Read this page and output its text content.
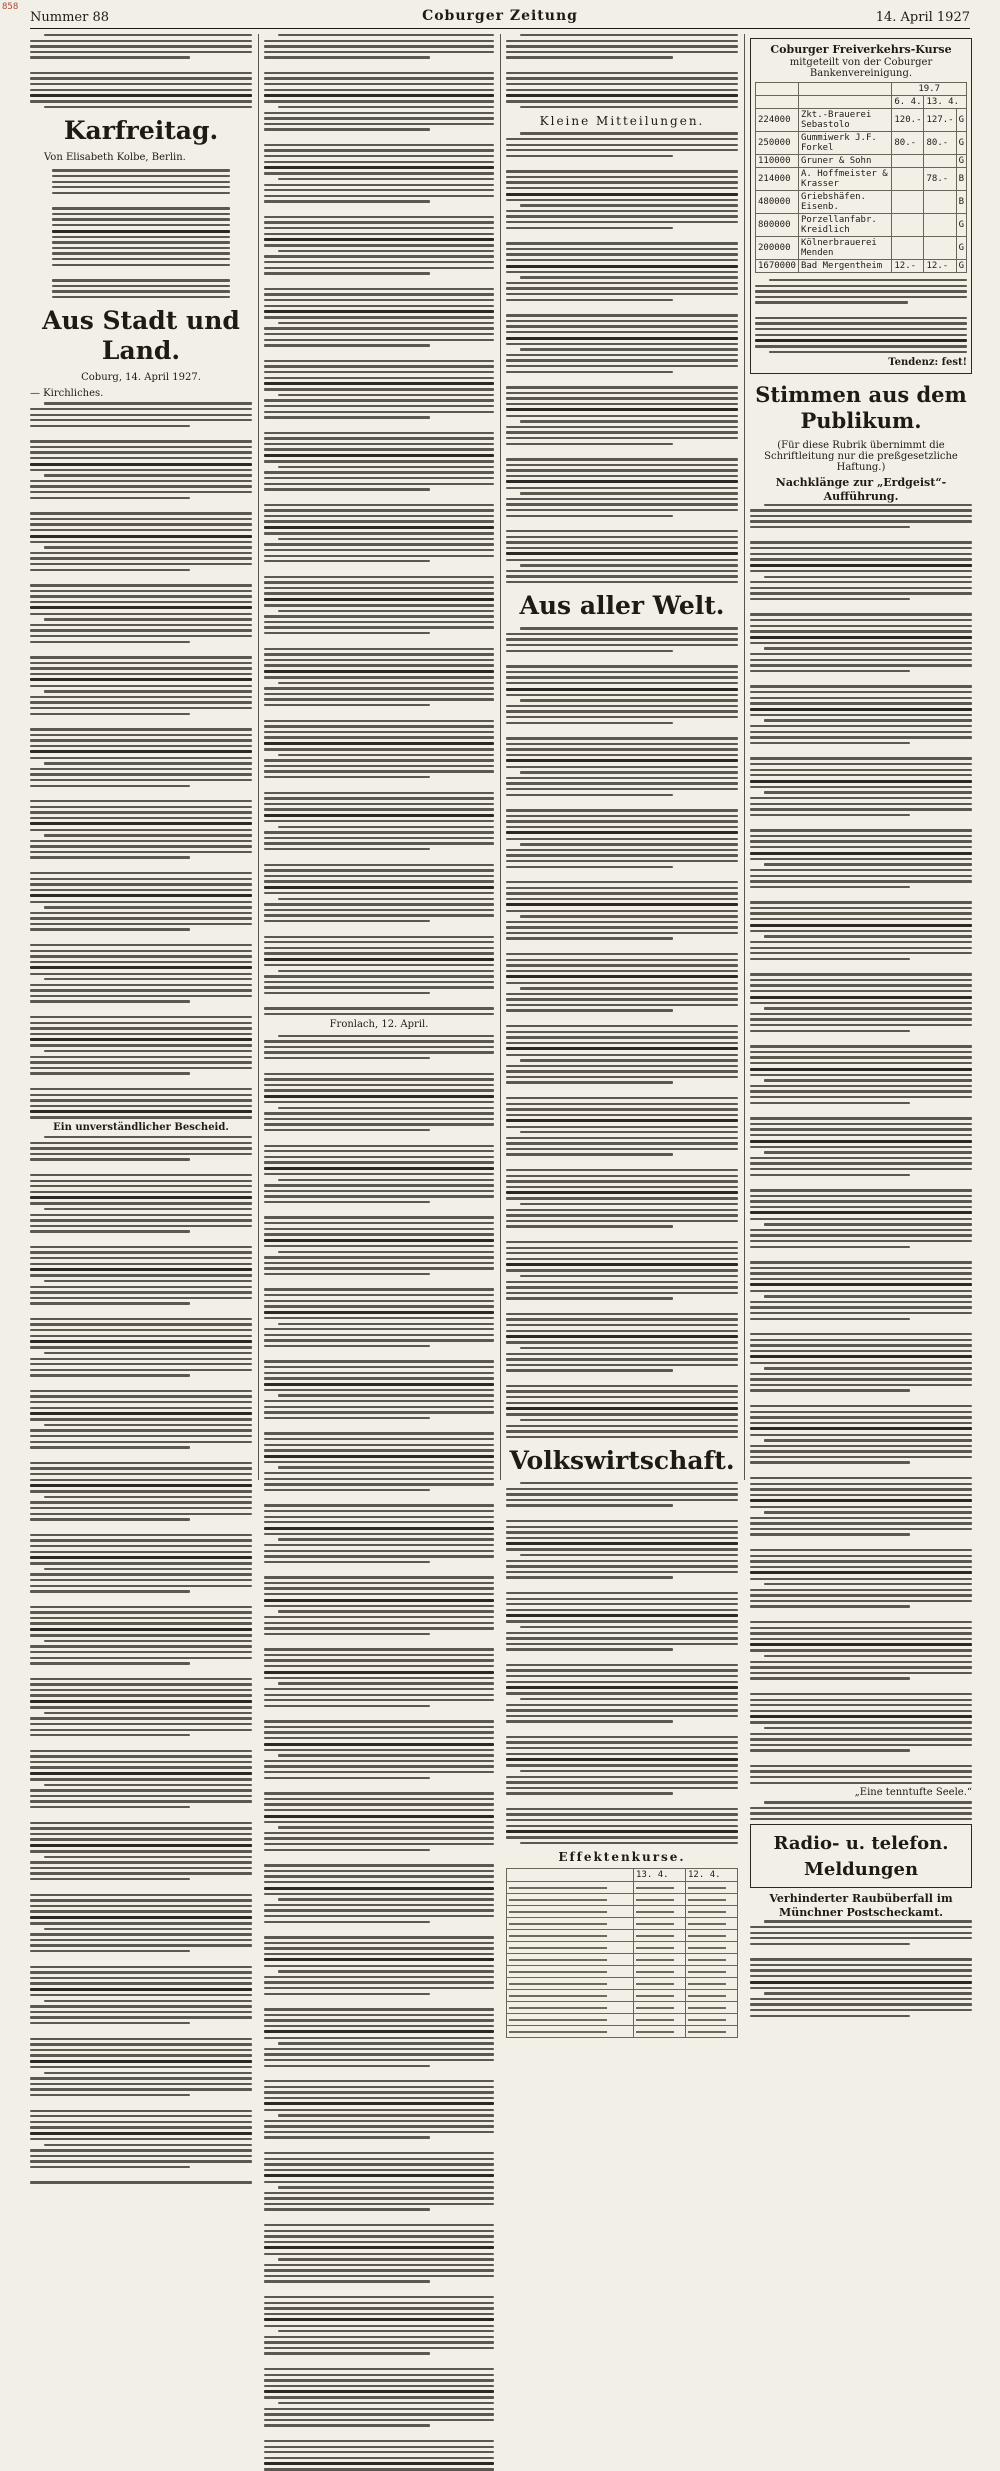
858
Nummer 88	Coburger Zeitung	14. April 1927
Karfreitag.
Von Elisabeth Kolbe, Berlin.
Aus Stadt und Land.
Coburg, 14. April 1927.
— Kirchliches.
Ein unverständlicher Bescheid.
Fronlach, 12. April.
Kleine Mitteilungen.
Aus aller Welt.
Volkswirtschaft.
Effektenkurse.
	13. 4.	12. 4.

Coburger Freiverkehrs-Kurse
mitgeteilt von der Coburger Bankenvereinigung.
		19.7		
		6. 4.	13. 4.	
224000	Zkt.-Brauerei Sebastolo	120.-	127.-	G
250000	Gummiwerk J.F. Forkel	80.-	80.-	G
110000	Gruner & Sohn			G
214000	A. Hoffmeister & Krasser		78.-	B
480000	Griebshäfen. Eisenb.			B
800000	Porzellanfabr. Kreidlich			G
200000	Kölnerbrauerei Menden			G
1670000	Bad Mergentheim	12.-	12.-	G
Tendenz: fest!
Stimmen aus dem Publikum.
(Für diese Rubrik übernimmt die Schriftleitung nur die preßgesetzliche Haftung.)
Nachklänge zur „Erdgeist“-Aufführung.
„Eine tenntufte Seele.“
Radio- u. telefon. Meldungen
Verhinderter Raubüberfall im Münchner Postscheckamt.
